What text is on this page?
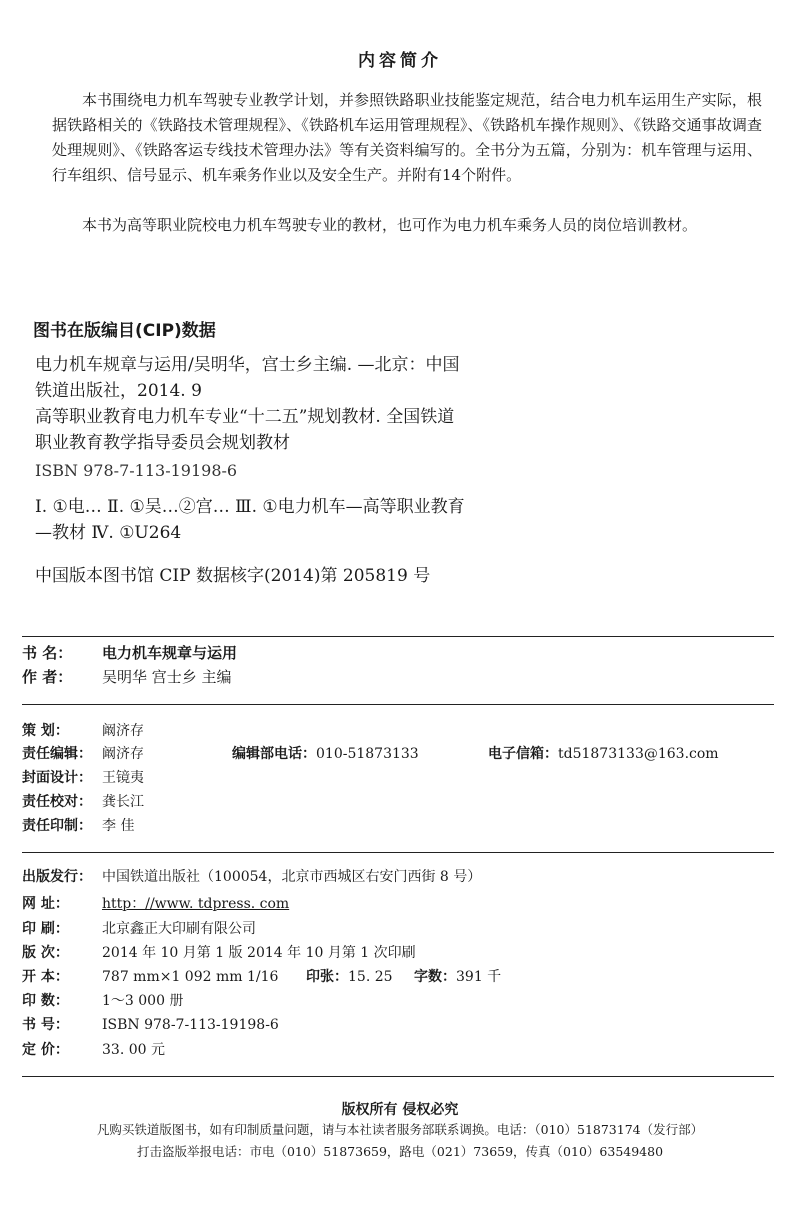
内容简介

本书围绕电力机车驾驶专业教学计划，并参照铁路职业技能鉴定规范，结合电力机车运用生产实际，根据铁路相关的《铁路技术管理规程》、《铁路机车运用管理规程》、《铁路机车操作规则》、《铁路交通事故调查处理规则》、《铁路客运专线技术管理办法》等有关资料编写的。全书分为五篇，分别为：机车管理与运用、行车组织、信号显示、机车乘务作业以及安全生产。并附有14个附件。

本书为高等职业院校电力机车驾驶专业的教材，也可作为电力机车乘务人员的岗位培训教材。

图书在版编目(CIP)数据

电力机车规章与运用/吴明华，宫士乡主编. —北京：中国铁道出版社，2014. 9

高等职业教育电力机车专业“十二五”规划教材. 全国铁道职业教育教学指导委员会规划教材

ISBN 978-7-113-19198-6

Ⅰ. ①电… Ⅱ. ①吴…②宫… Ⅲ. ①电力机车—高等职业教育—教材 Ⅳ. ①U264

中国版本图书馆 CIP 数据核字(2014)第 205819 号

书 名： 电力机车规章与运用
作 者： 吴明华 宫士乡 主编
策 划： 阚济存
责任编辑： 阚济存	编辑部电话：010-51873133	电子信箱：td51873133@163.com
封面设计： 王镜夷
责任校对： 龚长江
责任印制： 李 佳
出版发行： 中国铁道出版社（100054，北京市西城区右安门西街 8 号）
网 址： http：//www. tdpress. com
印 刷： 北京鑫正大印刷有限公司
版 次： 2014 年 10 月第 1 版 2014 年 10 月第 1 次印刷
开 本： 787 mm×1 092 mm 1/16 印张：15. 25 字数：391 千
印 数： 1～3 000 册
书 号： ISBN 978-7-113-19198-6
定 价： 33. 00 元
版权所有 侵权必究
凡购买铁道版图书，如有印制质量问题，请与本社读者服务部联系调换。电话：（010）51873174（发行部）
打击盗版举报电话：市电（010）51873659，路电（021）73659，传真（010）63549480
